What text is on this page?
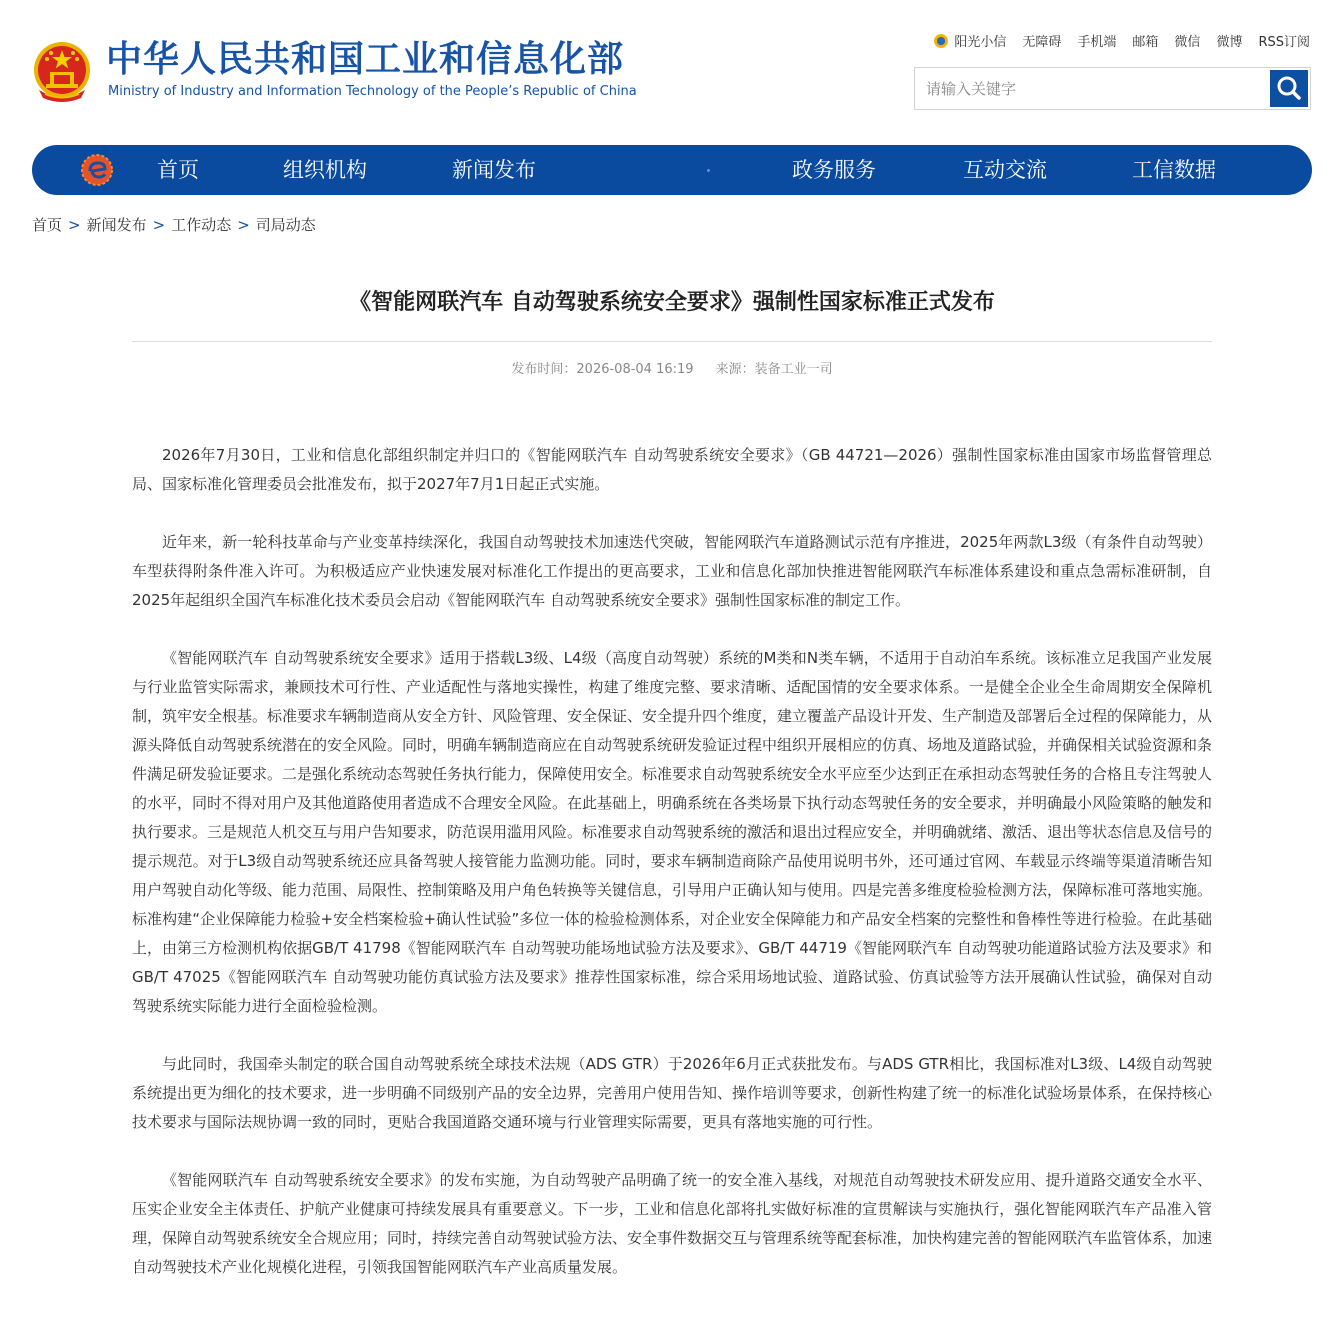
中华人民共和国工业和信息化部
Ministry of Industry and Information Technology of the People’s Republic of China
阳光小信 无障碍 手机端 邮箱 微信 微博 RSS订阅
请输入关键字
首页	组织机构	新闻发布	政务服务	互动交流	工信数据
首页 > 新闻发布 > 工作动态 > 司局动态
《智能网联汽车 自动驾驶系统安全要求》强制性国家标准正式发布
发布时间：2026-08-04 16:19 来源：装备工业一司

2026年7月30日，工业和信息化部组织制定并归口的《智能网联汽车 自动驾驶系统安全要求》（GB 44721—2026）强制性国家标准由国家市场监督管理总局、国家标准化管理委员会批准发布，拟于2027年7月1日起正式实施。

近年来，新一轮科技革命与产业变革持续深化，我国自动驾驶技术加速迭代突破，智能网联汽车道路测试示范有序推进，2025年两款L3级（有条件自动驾驶）车型获得附条件准入许可。为积极适应产业快速发展对标准化工作提出的更高要求，工业和信息化部加快推进智能网联汽车标准体系建设和重点急需标准研制，自2025年起组织全国汽车标准化技术委员会启动《智能网联汽车 自动驾驶系统安全要求》强制性国家标准的制定工作。

《智能网联汽车 自动驾驶系统安全要求》适用于搭载L3级、L4级（高度自动驾驶）系统的M类和N类车辆，不适用于自动泊车系统。该标准立足我国产业发展与行业监管实际需求，兼顾技术可行性、产业适配性与落地实操性，构建了维度完整、要求清晰、适配国情的安全要求体系。一是健全企业全生命周期安全保障机制，筑牢安全根基。标准要求车辆制造商从安全方针、风险管理、安全保证、安全提升四个维度，建立覆盖产品设计开发、生产制造及部署后全过程的保障能力，从源头降低自动驾驶系统潜在的安全风险。同时，明确车辆制造商应在自动驾驶系统研发验证过程中组织开展相应的仿真、场地及道路试验，并确保相关试验资源和条件满足研发验证要求。二是强化系统动态驾驶任务执行能力，保障使用安全。标准要求自动驾驶系统安全水平应至少达到正在承担动态驾驶任务的合格且专注驾驶人的水平，同时不得对用户及其他道路使用者造成不合理安全风险。在此基础上，明确系统在各类场景下执行动态驾驶任务的安全要求，并明确最小风险策略的触发和执行要求。三是规范人机交互与用户告知要求，防范误用滥用风险。标准要求自动驾驶系统的激活和退出过程应安全，并明确就绪、激活、退出等状态信息及信号的提示规范。对于L3级自动驾驶系统还应具备驾驶人接管能力监测功能。同时，要求车辆制造商除产品使用说明书外，还可通过官网、车载显示终端等渠道清晰告知用户驾驶自动化等级、能力范围、局限性、控制策略及用户角色转换等关键信息，引导用户正确认知与使用。四是完善多维度检验检测方法，保障标准可落地实施。标准构建“企业保障能力检验+安全档案检验+确认性试验”多位一体的检验检测体系，对企业安全保障能力和产品安全档案的完整性和鲁棒性等进行检验。在此基础上，由第三方检测机构依据GB/T 41798《智能网联汽车 自动驾驶功能场地试验方法及要求》、GB/T 44719《智能网联汽车 自动驾驶功能道路试验方法及要求》和GB/T 47025《智能网联汽车 自动驾驶功能仿真试验方法及要求》推荐性国家标准，综合采用场地试验、道路试验、仿真试验等方法开展确认性试验，确保对自动驾驶系统实际能力进行全面检验检测。

与此同时，我国牵头制定的联合国自动驾驶系统全球技术法规（ADS GTR）于2026年6月正式获批发布。与ADS GTR相比，我国标准对L3级、L4级自动驾驶系统提出更为细化的技术要求，进一步明确不同级别产品的安全边界，完善用户使用告知、操作培训等要求，创新性构建了统一的标准化试验场景体系，在保持核心技术要求与国际法规协调一致的同时，更贴合我国道路交通环境与行业管理实际需要，更具有落地实施的可行性。

《智能网联汽车 自动驾驶系统安全要求》的发布实施，为自动驾驶产品明确了统一的安全准入基线，对规范自动驾驶技术研发应用、提升道路交通安全水平、压实企业安全主体责任、护航产业健康可持续发展具有重要意义。下一步，工业和信息化部将扎实做好标准的宣贯解读与实施执行，强化智能网联汽车产品准入管理，保障自动驾驶系统安全合规应用；同时，持续完善自动驾驶试验方法、安全事件数据交互与管理系统等配套标准，加快构建完善的智能网联汽车监管体系，加速自动驾驶技术产业化规模化进程，引领我国智能网联汽车产业高质量发展。
